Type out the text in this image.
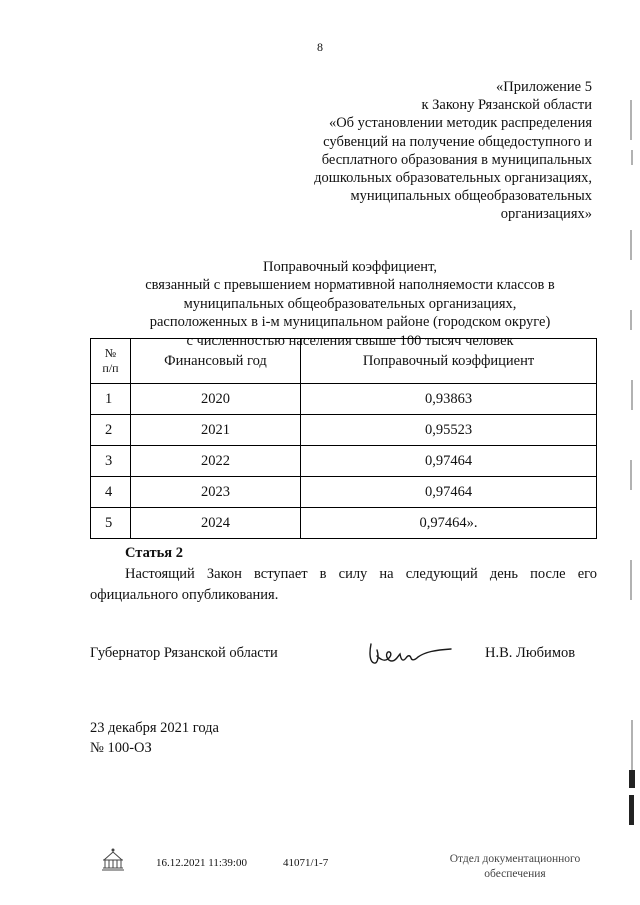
8
«Приложение 5
к Закону Рязанской области
«Об установлении методик распределения
субвенций на получение общедоступного и
бесплатного образования в муниципальных
дошкольных образовательных организациях,
муниципальных общеобразовательных
организациях»
Поправочный коэффициент,
связанный с превышением нормативной наполняемости классов в
муниципальных общеобразовательных организациях,
расположенных в i-м муниципальном районе (городском округе)
с численностью населения свыше 100 тысяч человек
№
п/п	Финансовый год	Поправочный коэффициент
1	2020	0,93863
2	2021	0,95523
3	2022	0,97464
4	2023	0,97464
5	2024	0,97464».
Статья 2
Настоящий Закон вступает в силу на следующий день после его официального опубликования.
Губернатор Рязанской области	Н.В. Любимов
23 декабря 2021 года
№ 100-ОЗ
16.12.2021 11:39:00	41071/1-7	Отдел документационного
обеспечения
